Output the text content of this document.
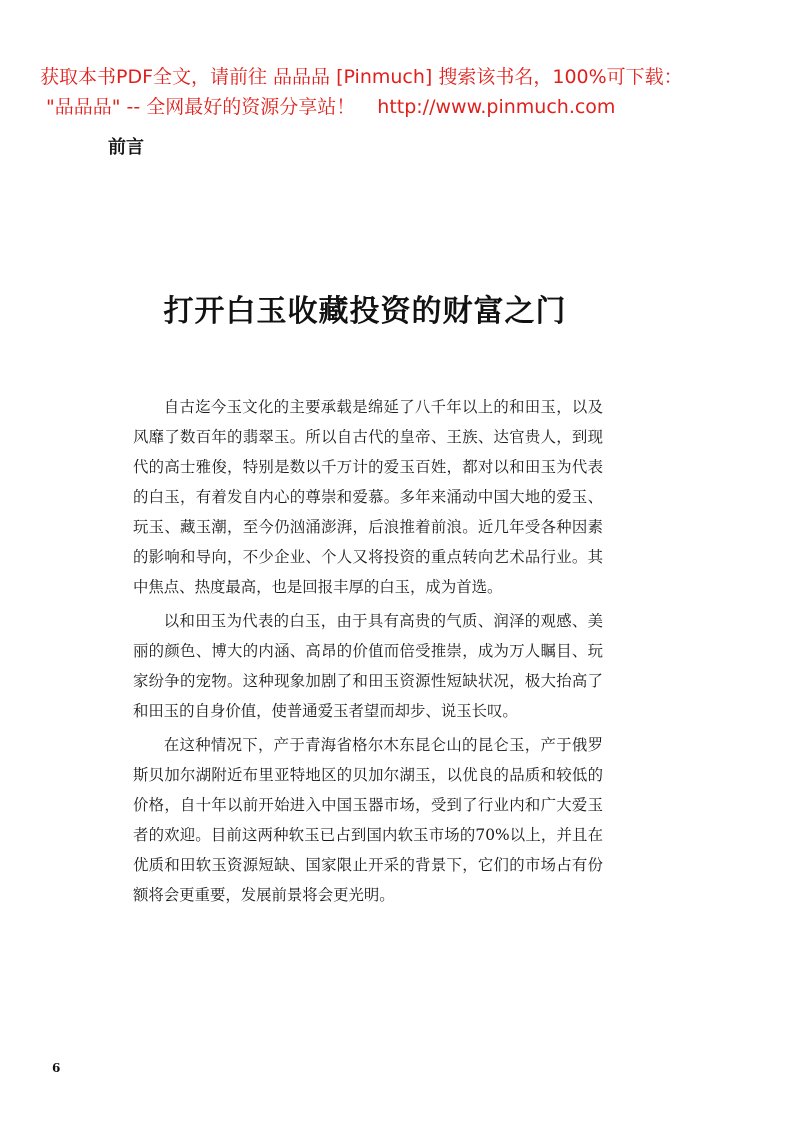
获取本书PDF全文，请前往 品品品 [Pinmuch] 搜索该书名，100%可下载：
"品品品" -- 全网最好的资源分享站！ http://www.pinmuch.com
前言
打开白玉收藏投资的财富之门

自古迄今玉文化的主要承载是绵延了八千年以上的和田玉，以及风靡了数百年的翡翠玉。所以自古代的皇帝、王族、达官贵人，到现代的高士雅俊，特别是数以千万计的爱玉百姓，都对以和田玉为代表的白玉，有着发自内心的尊崇和爱慕。多年来涌动中国大地的爱玉、玩玉、藏玉潮，至今仍汹涌澎湃，后浪推着前浪。近几年受各种因素的影响和导向，不少企业、个人又将投资的重点转向艺术品行业。其中焦点、热度最高，也是回报丰厚的白玉，成为首选。

以和田玉为代表的白玉，由于具有高贵的气质、润泽的观感、美丽的颜色、博大的内涵、高昂的价值而倍受推崇，成为万人瞩目、玩家纷争的宠物。这种现象加剧了和田玉资源性短缺状况，极大抬高了和田玉的自身价值，使普通爱玉者望而却步、说玉长叹。

在这种情况下，产于青海省格尔木东昆仑山的昆仑玉，产于俄罗斯贝加尔湖附近布里亚特地区的贝加尔湖玉，以优良的品质和较低的价格，自十年以前开始进入中国玉器市场，受到了行业内和广大爱玉者的欢迎。目前这两种软玉已占到国内软玉市场的70%以上，并且在优质和田软玉资源短缺、国家限止开采的背景下，它们的市场占有份额将会更重要，发展前景将会更光明。

6
